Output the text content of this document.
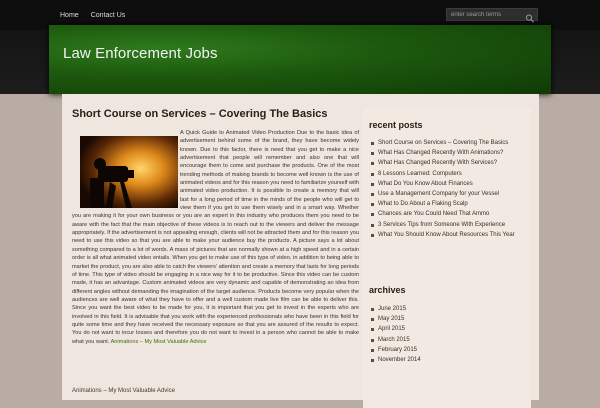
Home Contact Us
enter search terms
Law Enforcement Jobs
Short Course on Services – Covering The Basics
A Quick Guide to Animated Video Production Due to the basic idea of advertisement behind some of the brand, they have become widely known. Due to this factor, there is need that you get to make a nice advertisement that people will remember and also one that will encourage them to come and purchase the products. One of the most trending methods of making brands to become well known is the use of animated videos and for this reason you need to familiarize yourself with animated video production. It is possible to create a memory that will last for a long period of time in the minds of the people who will get to view them if you get to use them wisely and in a smart way. Whether you are making it for your own business or you are an expert in this industry who produces them you need to be aware with the fact that the main objective of these videos is to reach out to the viewers and deliver the message appropriately. If the advertisement is not appealing enough, clients will not be attracted them and for this reason you need to use this video so that you are able to make your audience buy the products. A picture says a lot about something compared to a lot of words. A mass of pictures that are normally shown at a high speed and in a certain order is all what animated video entails. When you get to make use of this type of video, in addition to being able to market the product, you are also able to catch the viewers' attention and create a memory that lasts for long periods of time. This type of video should be engaging in a nice way for it to be productive. Since this video can be custom made, it has an advantage. Custom animated videos are very dynamic and capable of demonstrating an idea from different angles without demanding the imagination of the target audience. Products become very popular when the audiences are well aware of what they have to offer and a well custom made live film can be able to deliver this. Since you want the best video to be made for you, it is important that you get to invest in the experts who are involved in this field. It is advisable that you work with the experienced professionals who have been in this field for quite some time and they have received the necessary exposure so that you are assured of the results to expect. You do not want to incur losses and therefore you do not want to invest in a person who cannot be able to make what you want. Animations – My Most Valuable Advice
Animations – My Most Valuable Advice
recent posts
Short Course on Services – Covering The Basics
What Has Changed Recently With Animations?
What Has Changed Recently With Services?
8 Lessons Learned: Computers
What Do You Know About Finances
Use a Management Company for your Vessel
What to Do About a Flaking Scalp
Chances are You Could Need That Ammo
3 Services Tips from Someone With Experience
What You Should Know About Resources This Year
archives
June 2015
May 2015
April 2015
March 2015
February 2015
November 2014
